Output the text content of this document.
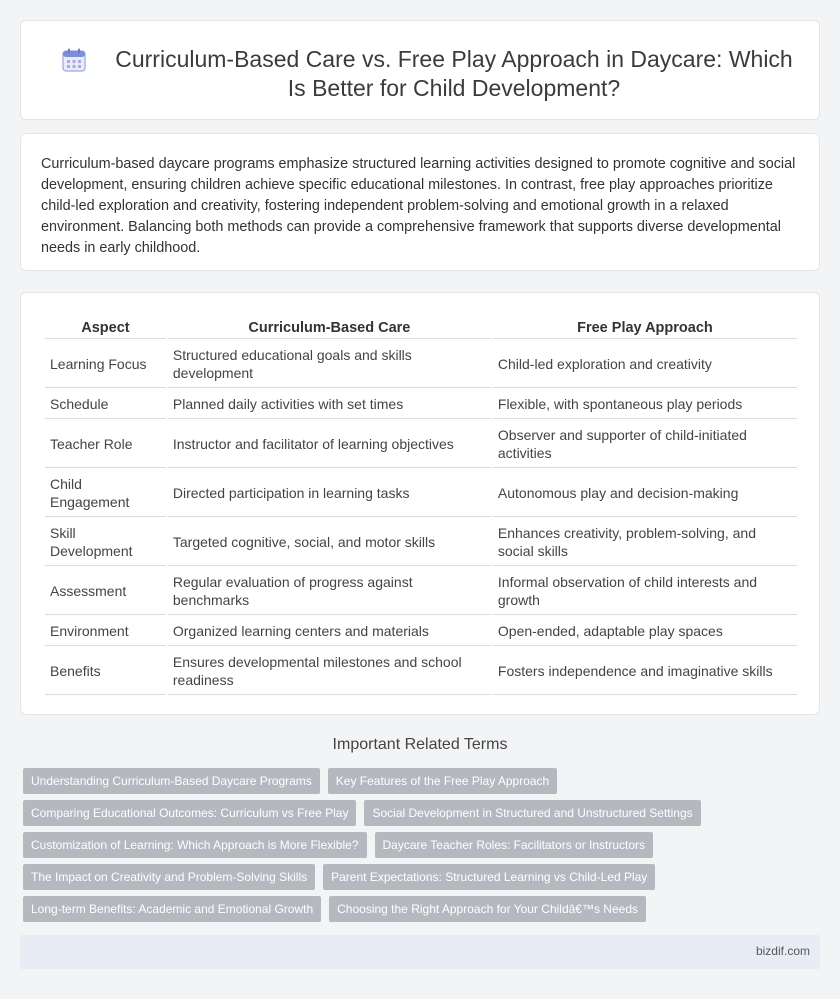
Curriculum-Based Care vs. Free Play Approach in Daycare: Which Is Better for Child Development?

Curriculum-based daycare programs emphasize structured learning activities designed to promote cognitive and social development, ensuring children achieve specific educational milestones. In contrast, free play approaches prioritize child-led exploration and creativity, fostering independent problem-solving and emotional growth in a relaxed environment. Balancing both methods can provide a comprehensive framework that supports diverse developmental needs in early childhood.

Aspect	Curriculum-Based Care	Free Play Approach
Learning Focus	Structured educational goals and skills development	Child-led exploration and creativity
Schedule	Planned daily activities with set times	Flexible, with spontaneous play periods
Teacher Role	Instructor and facilitator of learning objectives	Observer and supporter of child-initiated activities
Child Engagement	Directed participation in learning tasks	Autonomous play and decision-making
Skill Development	Targeted cognitive, social, and motor skills	Enhances creativity, problem-solving, and social skills
Assessment	Regular evaluation of progress against benchmarks	Informal observation of child interests and growth
Environment	Organized learning centers and materials	Open-ended, adaptable play spaces
Benefits	Ensures developmental milestones and school readiness	Fosters independence and imaginative skills
Important Related Terms
Understanding Curriculum-Based Daycare Programs	Key Features of the Free Play Approach
Comparing Educational Outcomes: Curriculum vs Free Play	Social Development in Structured and Unstructured Settings
Customization of Learning: Which Approach is More Flexible?	Daycare Teacher Roles: Facilitators or Instructors
The Impact on Creativity and Problem-Solving Skills	Parent Expectations: Structured Learning vs Child-Led Play
Long-term Benefits: Academic and Emotional Growth	Choosing the Right Approach for Your Childâ€™s Needs
bizdif.com
